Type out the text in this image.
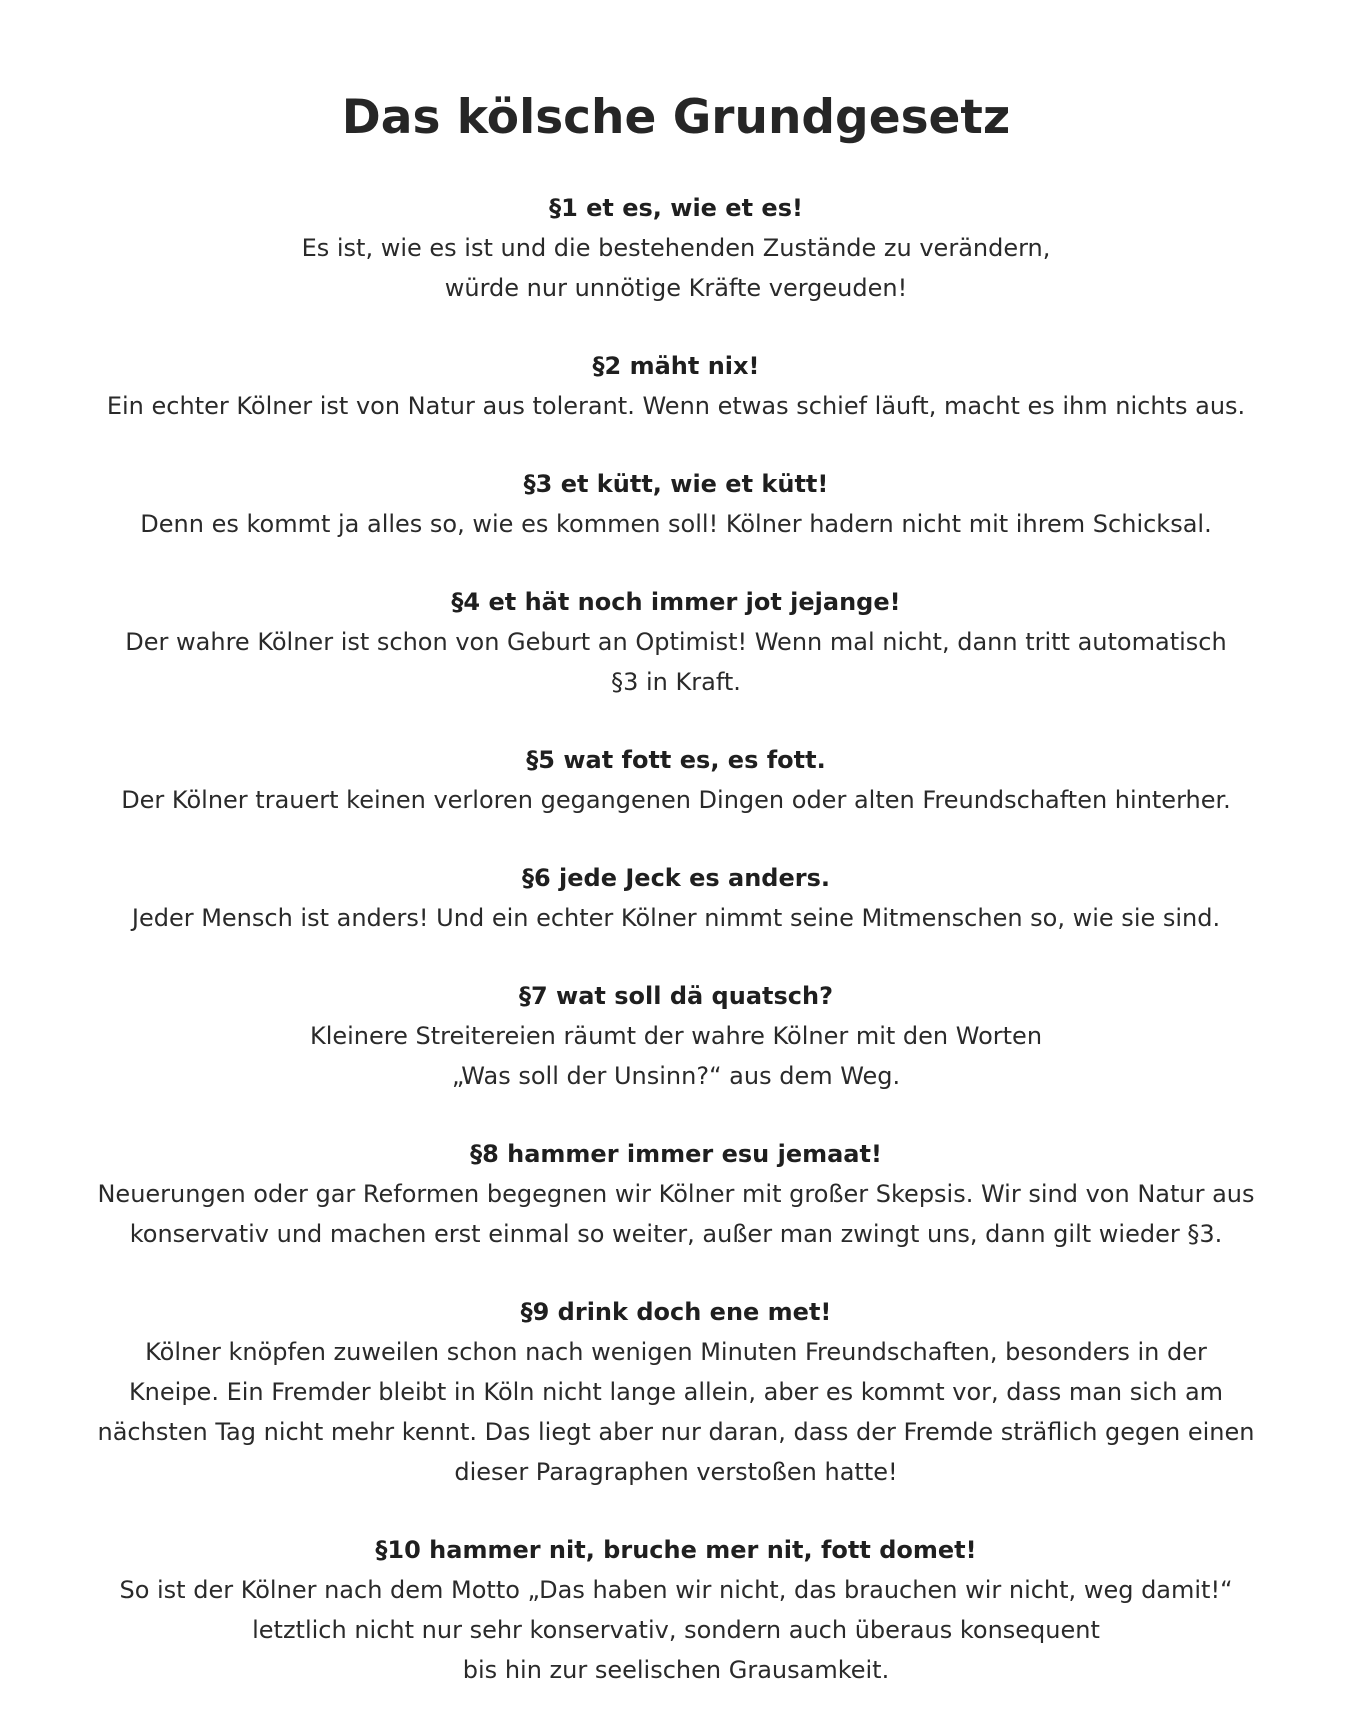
Das kölsche Grundgesetz
§1 et es, wie et es!
Es ist, wie es ist und die bestehenden Zustände zu verändern,
würde nur unnötige Kräfte vergeuden!
§2 mäht nix!
Ein echter Kölner ist von Natur aus tolerant. Wenn etwas schief läuft, macht es ihm nichts aus.
§3 et kütt, wie et kütt!
Denn es kommt ja alles so, wie es kommen soll! Kölner hadern nicht mit ihrem Schicksal.
§4 et hät noch immer jot jejange!
Der wahre Kölner ist schon von Geburt an Optimist! Wenn mal nicht, dann tritt automatisch
§3 in Kraft.
§5 wat fott es, es fott.
Der Kölner trauert keinen verloren gegangenen Dingen oder alten Freundschaften hinterher.
§6 jede Jeck es anders.
Jeder Mensch ist anders! Und ein echter Kölner nimmt seine Mitmenschen so, wie sie sind.
§7 wat soll dä quatsch?
Kleinere Streitereien räumt der wahre Kölner mit den Worten
„Was soll der Unsinn?“ aus dem Weg.
§8 hammer immer esu jemaat!
Neuerungen oder gar Reformen begegnen wir Kölner mit großer Skepsis. Wir sind von Natur aus
konservativ und machen erst einmal so weiter, außer man zwingt uns, dann gilt wieder §3.
§9 drink doch ene met!
Kölner knöpfen zuweilen schon nach wenigen Minuten Freundschaften, besonders in der
Kneipe. Ein Fremder bleibt in Köln nicht lange allein, aber es kommt vor, dass man sich am
nächsten Tag nicht mehr kennt. Das liegt aber nur daran, dass der Fremde sträflich gegen einen
dieser Paragraphen verstoßen hatte!
§10 hammer nit, bruche mer nit, fott domet!
So ist der Kölner nach dem Motto „Das haben wir nicht, das brauchen wir nicht, weg damit!“
letztlich nicht nur sehr konservativ, sondern auch überaus konsequent
bis hin zur seelischen Grausamkeit.
